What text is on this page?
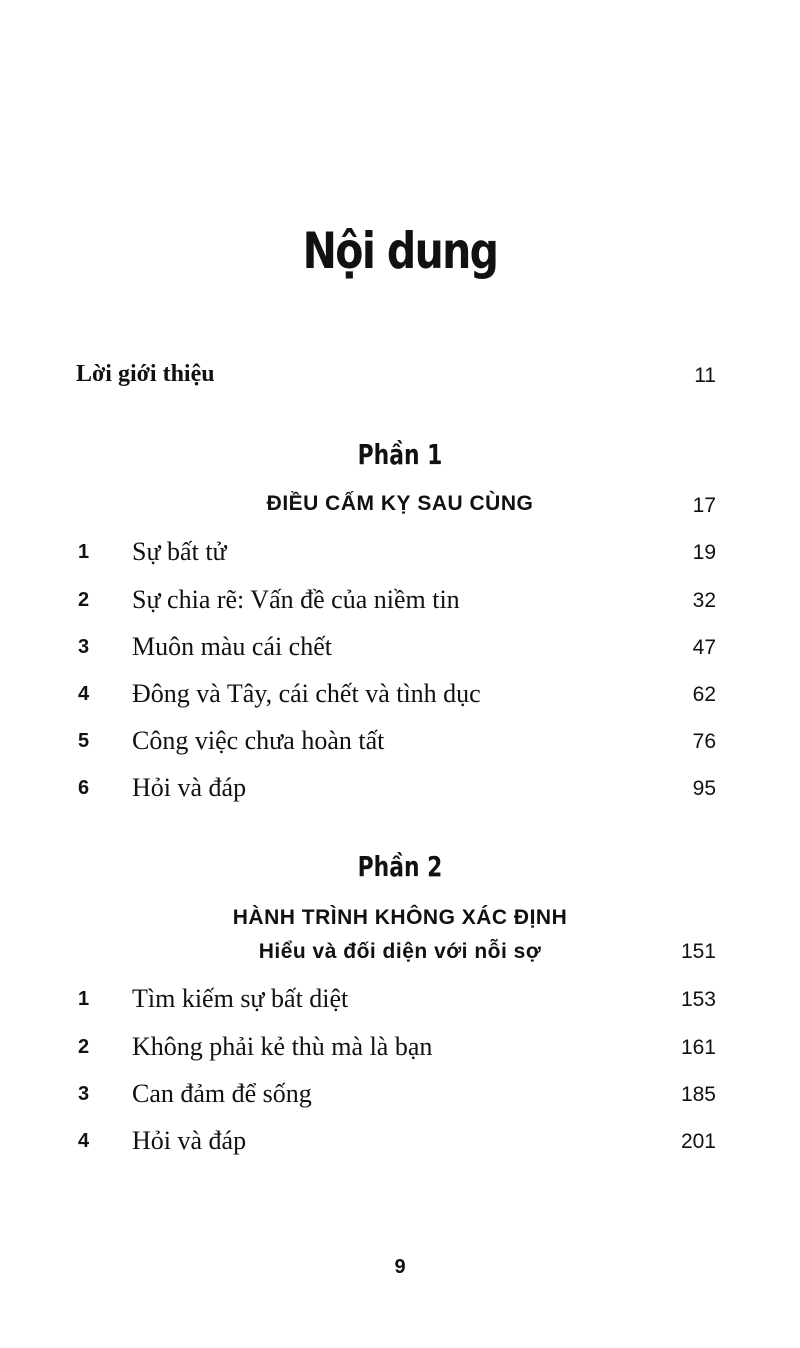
Nội dung
Lời giới thiệu	11
Phần 1
ĐIỀU CẤM KỴ SAU CÙNG	17
1 Sự bất tử	19
2 Sự chia rẽ: Vấn đề của niềm tin	32
3 Muôn màu cái chết	47
4 Đông và Tây, cái chết và tình dục	62
5 Công việc chưa hoàn tất	76
6 Hỏi và đáp	95
Phần 2
HÀNH TRÌNH KHÔNG XÁC ĐỊNH
Hiểu và đối diện với nỗi sợ	151
1 Tìm kiếm sự bất diệt	153
2 Không phải kẻ thù mà là bạn	161
3 Can đảm để sống	185
4 Hỏi và đáp	201
9
